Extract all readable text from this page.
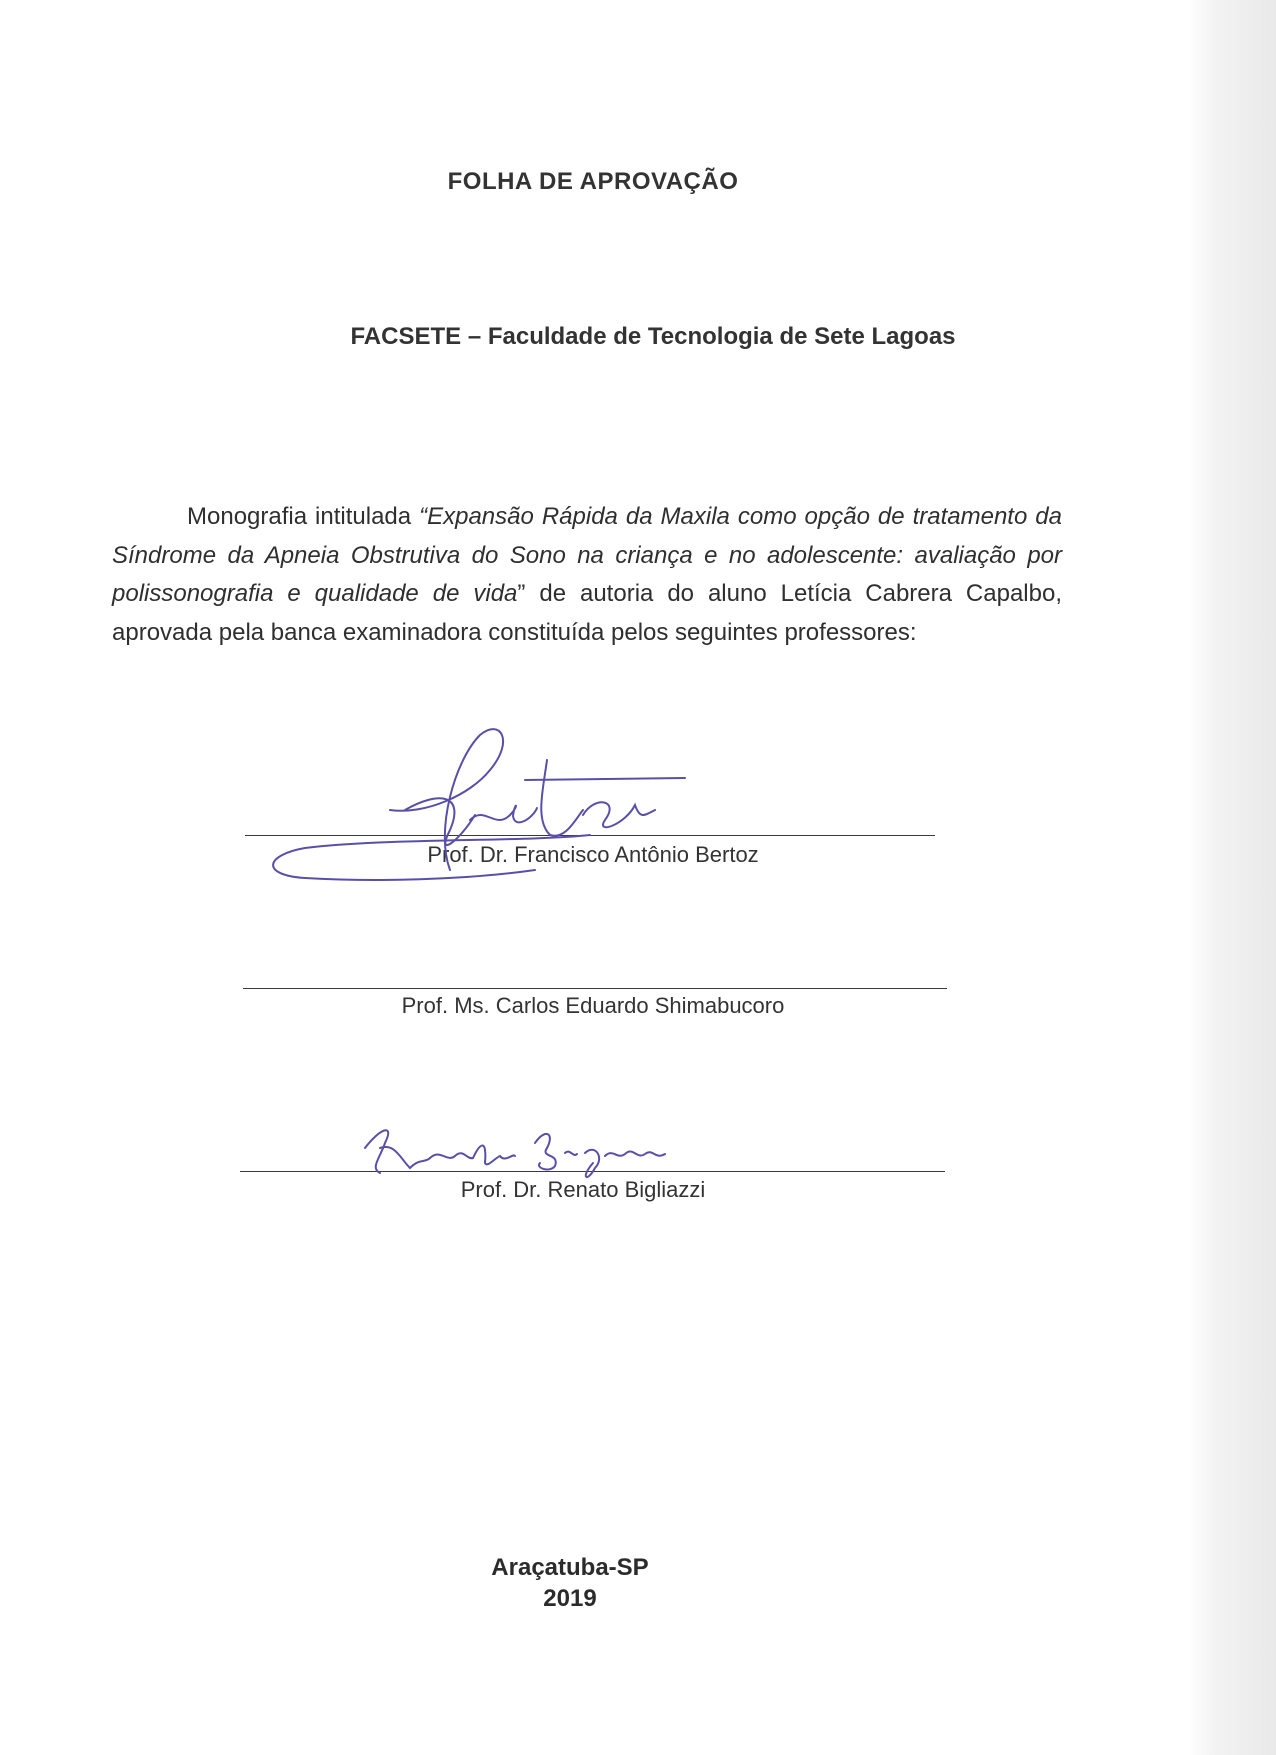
FOLHA DE APROVAÇÃO
FACSETE – Faculdade de Tecnologia de Sete Lagoas

Monografia intitulada “Expansão Rápida da Maxila como opção de tratamento da Síndrome da Apneia Obstrutiva do Sono na criança e no adolescente: avaliação por polissonografia e qualidade de vida” de autoria do aluno Letícia Cabrera Capalbo, aprovada pela banca examinadora constituída pelos seguintes professores:

Prof. Dr. Francisco Antônio Bertoz
Prof. Ms. Carlos Eduardo Shimabucoro
Prof. Dr. Renato Bigliazzi
Araçatuba-SP
2019
